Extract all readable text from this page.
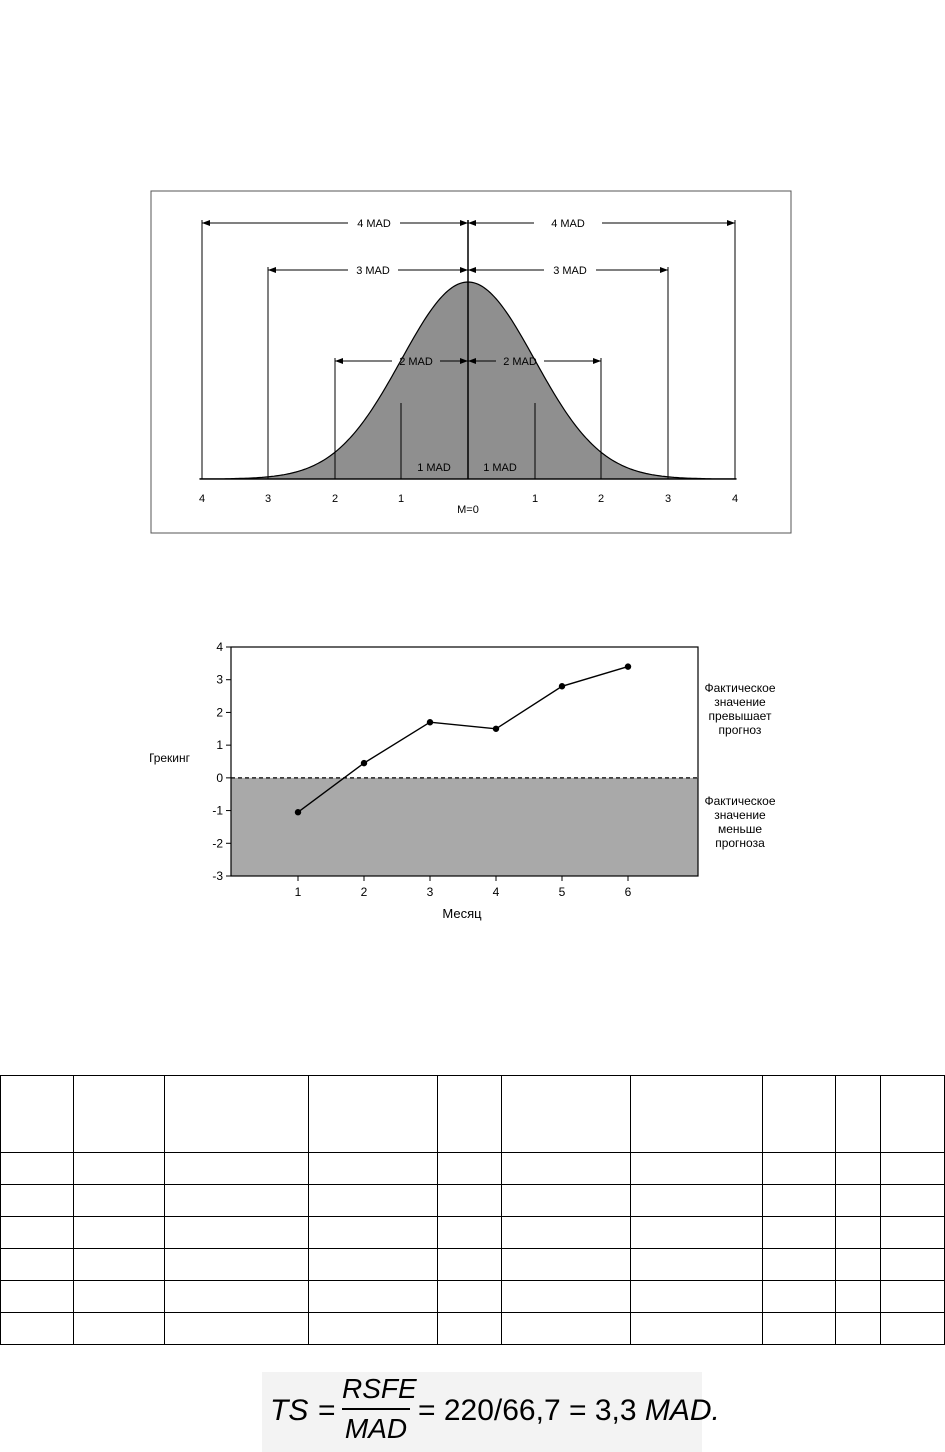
4 MAD	4 MAD
3 MAD	3 MAD
2 MAD	2 MAD
1 MAD	1 MAD
4	3	2	1	1	2	3	4
M=0
4
3
2
1
0
-1
-2
-3
1	2	3	4	5	6
Трекинг
Месяц
Фактическое
значение
превышает
прогноз
Фактическое
значение
меньше
прогноза

TS =
RSFE
MAD
= 220/66,7 = 3,3 MAD.
